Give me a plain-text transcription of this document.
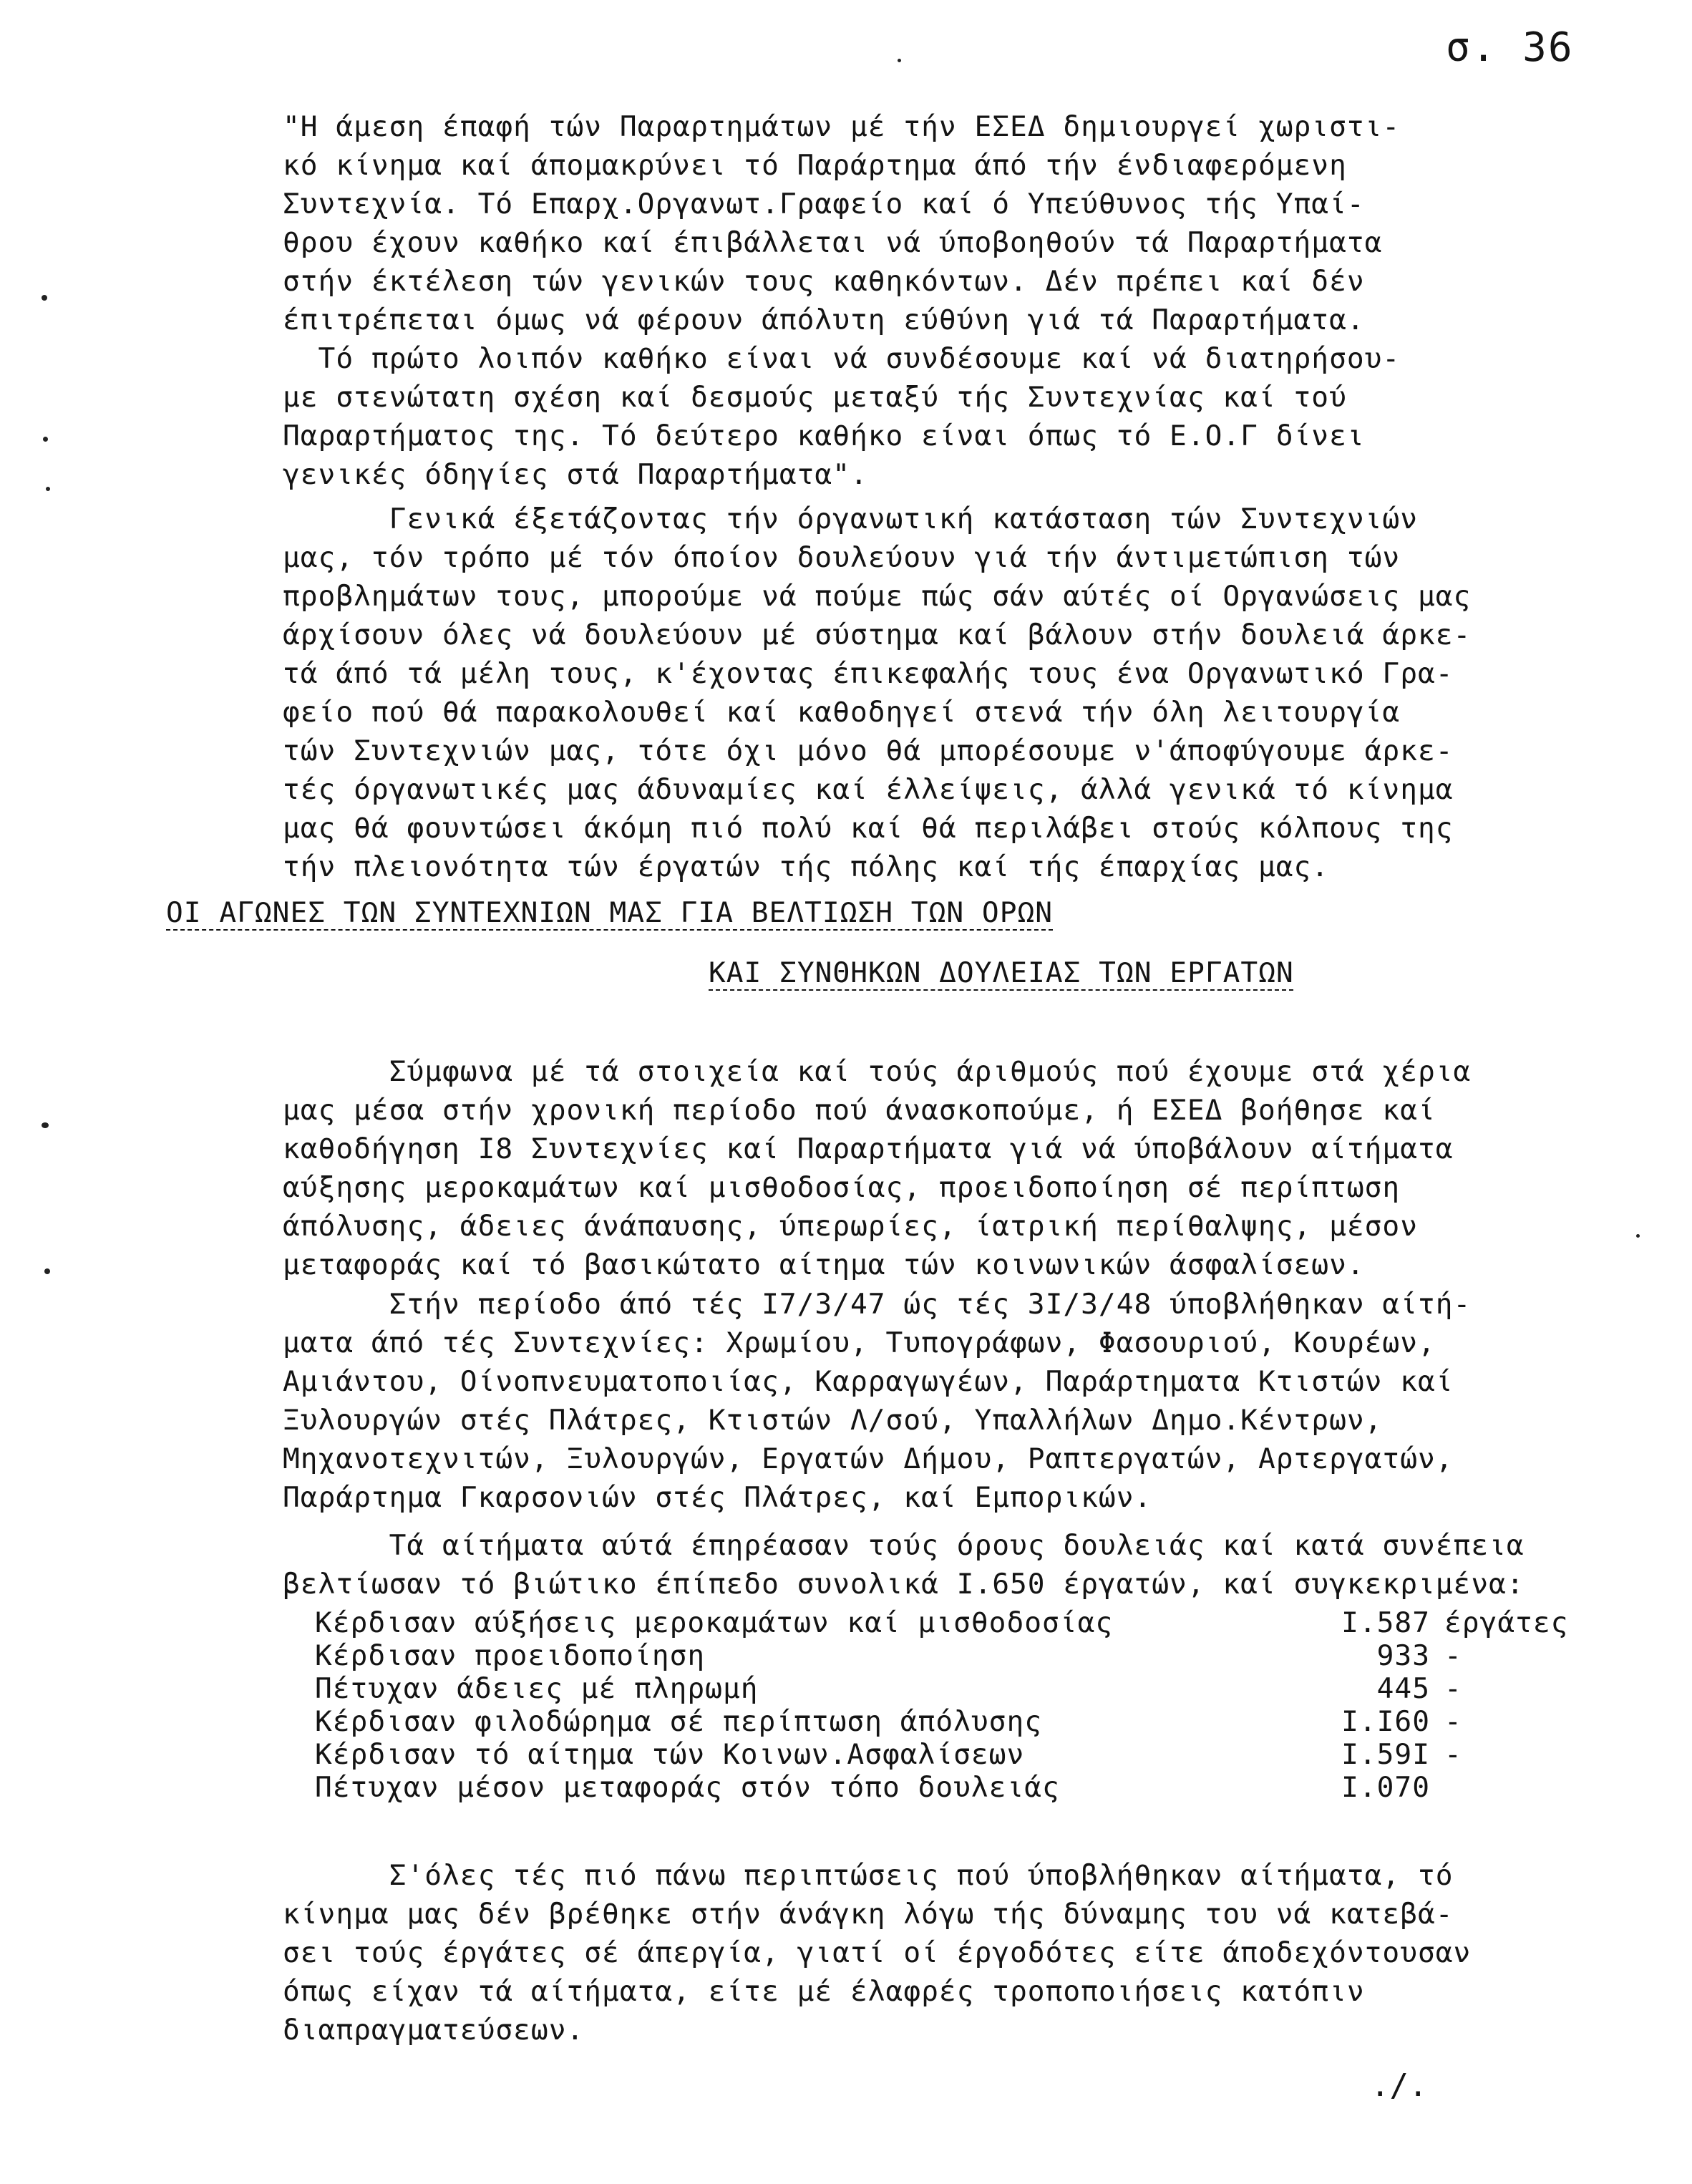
σ. 36
"Η άμεση έπαφή τών Παραρτημάτων μέ τήν ΕΣΕΔ δημιουργεί χωριστι-
κό κίνημα καί άπομακρύνει τό Παράρτημα άπό τήν ένδιαφερόμενη
Συντεχνία. Τό Επαρχ.Οργανωτ.Γραφείο καί ό Υπεύθυνος τής Υπαί-
θρου έχουν καθήκο καί έπιβάλλεται νά ύποβοηθούν τά Παραρτήματα
στήν έκτέλεση τών γενικών τους καθηκόντων. Δέν πρέπει καί δέν
έπιτρέπεται όμως νά φέρουν άπόλυτη εύθύνη γιά τά Παραρτήματα.
Τό πρώτο λοιπόν καθήκο είναι νά συνδέσουμε καί νά διατηρήσου-
με στενώτατη σχέση καί δεσμούς μεταξύ τής Συντεχνίας καί τού
Παραρτήματος της. Τό δεύτερο καθήκο είναι όπως τό Ε.Ο.Γ δίνει
γενικές όδηγίες στά Παραρτήματα".
Γενικά έξετάζοντας τήν όργανωτική κατάσταση τών Συντεχνιών
μας, τόν τρόπο μέ τόν όποίον δουλεύουν γιά τήν άντιμετώπιση τών
προβλημάτων τους, μπορούμε νά πούμε πώς σάν αύτές οί Οργανώσεις μας
άρχίσουν όλες νά δουλεύουν μέ σύστημα καί βάλουν στήν δουλειά άρκε-
τά άπό τά μέλη τους, κ'έχοντας έπικεφαλής τους ένα Οργανωτικό Γρα-
φείο πού θά παρακολουθεί καί καθοδηγεί στενά τήν όλη λειτουργία
τών Συντεχνιών μας, τότε όχι μόνο θά μπορέσουμε ν'άποφύγουμε άρκε-
τές όργανωτικές μας άδυναμίες καί έλλείψεις, άλλά γενικά τό κίνημα
μας θά φουντώσει άκόμη πιό πολύ καί θά περιλάβει στούς κόλπους της
τήν πλειονότητα τών έργατών τής πόλης καί τής έπαρχίας μας.
ΟΙ ΑΓΩΝΕΣ ΤΩΝ ΣΥΝΤΕΧΝΙΩΝ ΜΑΣ ΓΙΑ ΒΕΛΤΙΩΣΗ ΤΩΝ ΟΡΩΝ
ΚΑΙ ΣΥΝΘΗΚΩΝ ΔΟΥΛΕΙΑΣ ΤΩΝ ΕΡΓΑΤΩΝ
Σύμφωνα μέ τά στοιχεία καί τούς άριθμούς πού έχουμε στά χέρια
μας μέσα στήν χρονική περίοδο πού άνασκοπούμε, ή ΕΣΕΔ βοήθησε καί
καθοδήγηση Ι8 Συντεχνίες καί Παραρτήματα γιά νά ύποβάλουν αίτήματα
αύξησης μεροκαμάτων καί μισθοδοσίας, προειδοποίηση σέ περίπτωση
άπόλυσης, άδειες άνάπαυσης, ύπερωρίες, ίατρική περίθαλψης, μέσον
μεταφοράς καί τό βασικώτατο αίτημα τών κοινωνικών άσφαλίσεων.
Στήν περίοδο άπό τές Ι7/3/47 ώς τές 3Ι/3/48 ύποβλήθηκαν αίτή-
ματα άπό τές Συντεχνίες: Χρωμίου, Τυπογράφων, Φασουριού, Κουρέων,
Αμιάντου, Οίνοπνευματοποιίας, Καρραγωγέων, Παράρτηματα Κτιστών καί
Ξυλουργών στές Πλάτρες, Κτιστών Λ/σού, Υπαλλήλων Δημο.Κέντρων,
Μηχανοτεχνιτών, Ξυλουργών, Εργατών Δήμου, Ραπτεργατών, Αρτεργατών,
Παράρτημα Γκαρσονιών στές Πλάτρες, καί Εμπορικών.
Τά αίτήματα αύτά έπηρέασαν τούς όρους δουλειάς καί κατά συνέπεια
βελτίωσαν τό βιώτικο έπίπεδο συνολικά Ι.650 έργατών, καί συγκεκριμένα:
Κέρδισαν αύξήσεις μεροκαμάτων καί μισθοδοσίας	Ι.587 έργάτες
Κέρδισαν προειδοποίηση	933 -
Πέτυχαν άδειες μέ πληρωμή	445 -
Κέρδισαν φιλοδώρημα σέ περίπτωση άπόλυσης	Ι.Ι60 -
Κέρδισαν τό αίτημα τών Κοινων.Ασφαλίσεων	Ι.59Ι -
Πέτυχαν μέσον μεταφοράς στόν τόπο δουλειάς	Ι.070
Σ'όλες τές πιό πάνω περιπτώσεις πού ύποβλήθηκαν αίτήματα, τό
κίνημα μας δέν βρέθηκε στήν άνάγκη λόγω τής δύναμης του νά κατεβά-
σει τούς έργάτες σέ άπεργία, γιατί οί έργοδότες είτε άποδεχόντουσαν
όπως είχαν τά αίτήματα, είτε μέ έλαφρές τροποποιήσεις κατόπιν
διαπραγματεύσεων.
./.
